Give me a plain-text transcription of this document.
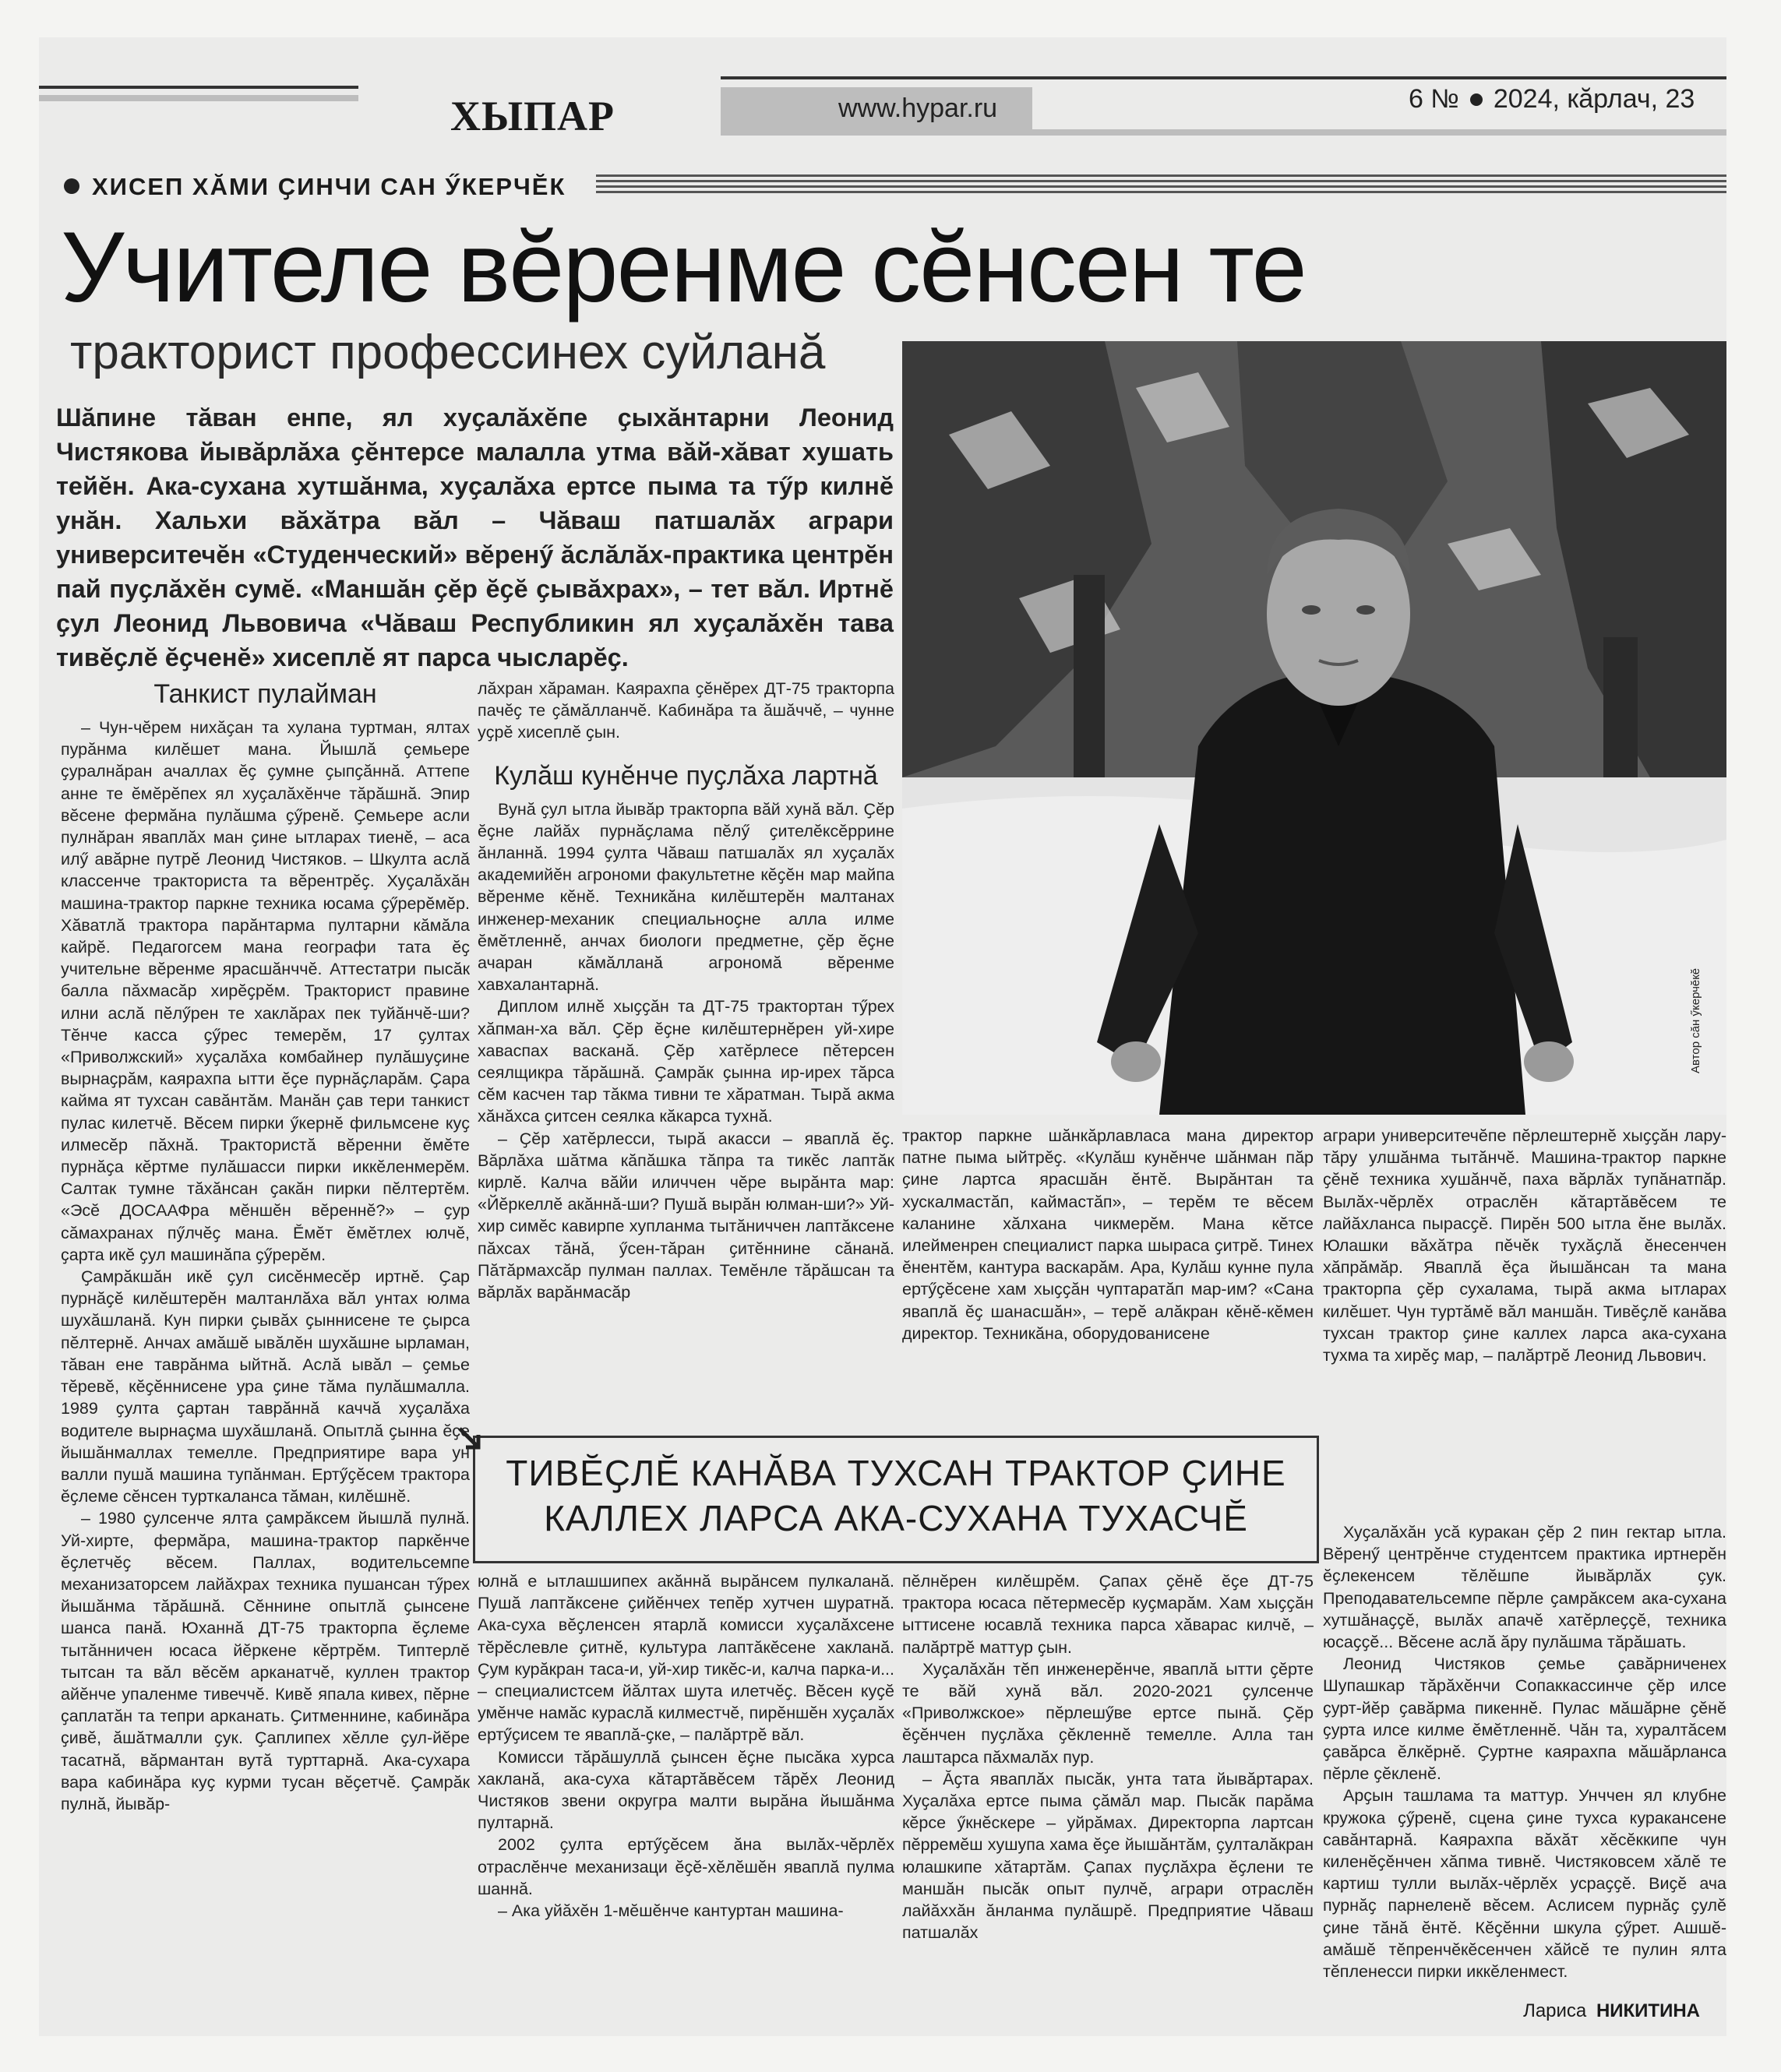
ХЫПАР	www.hypar.ru	6 № 2024, кӑрлач, 23
ХИСЕП ХӐМИ ҪИНЧИ САН ӲКЕРЧӖК
Учителе вӗренме сӗнсен те
тракторист профессинех суйланӑ
Шӑпине тӑван енпе, ял хуҫалӑхӗпе ҫыхӑнтарни Леонид Чистякова йывӑрлӑха ҫӗнтерсе малалла утма вӑй-хӑват хушать тейӗн. Ака-сухана хутшӑнма, хуҫалӑха ертсе пыма та тӳр килнӗ унӑн. Хальхи вӑхӑтра вӑл – Чӑваш патшалӑх аграри университечӗн «Студенческий» вӗренӳ ӑслӑлӑх-практика центрӗн пай пуҫлӑхӗн сумӗ. «Маншӑн ҫӗр ӗҫӗ ҫывӑхрах», – тет вӑл. Иртнӗ ҫул Леонид Львовича «Чӑваш Республикин ял хуҫалӑхӗн тава тивӗҫлӗ ӗҫченӗ» хисеплӗ ят парса чысларӗҫ.
Автор сӑн ӳкерчӗкӗ
Танкист пулайман

– Чун-чӗрем нихӑҫан та хулана туртман, ялтах пурӑнма килӗшет мана. Йышлӑ ҫемьере ҫуралнӑран ачаллах ӗҫ ҫумне ҫыпҫӑннӑ. Аттепе анне те ӗмӗрӗпех ял хуҫалӑхӗнче тӑрӑшнӑ. Эпир вӗсене фермӑна пулӑшма ҫӳренӗ. Ҫемьере асли пулнӑран яваплӑх ман ҫине ытларах тиенӗ, – аса илӳ авӑрне путрӗ Леонид Чистяков. – Шкулта аслӑ классенче тракториста та вӗрентрӗҫ. Хуҫалӑхӑн машина-трактор паркне техника юсама ҫӳрерӗмӗр. Хӑватлӑ трактора парӑнтарма пултарни кӑмӑла кайрӗ. Педагогсем мана географи тата ӗҫ учительне вӗренме ярасшӑнччӗ. Аттестатри пысӑк балла пӑхмасӑр хирӗҫрӗм. Тракторист правине илни аслӑ пӗлӳрен те хаклӑрах пек туйӑнчӗ-ши? Тӗнче касса ҫӳрес темерӗм, 17 ҫултах «Приволжский» хуҫалӑха комбайнер пулӑшуҫине вырнаҫрӑм, каярахпа ытти ӗҫе пурнӑҫларӑм. Ҫара кайма ят тухсан савӑнтӑм. Манӑн ҫав тери танкист пулас килетчӗ. Вӗсем пирки ӳкернӗ фильмсене куҫ илмесӗр пӑхнӑ. Трактористӑ вӗренни ӗмӗте пурнӑҫа кӗртме пулӑшасси пирки иккӗленмерӗм. Салтак тумне тӑхӑнсан ҫакӑн пирки пӗлтертӗм. «Эсӗ ДОСААФра мӗншӗн вӗреннӗ?» – ҫур сӑмахранах пӳлчӗҫ мана. Ӗмӗт ӗмӗтлех юлчӗ, ҫарта икӗ ҫул машинӑпа ҫӳрерӗм.

Ҫамрӑкшӑн икӗ ҫул сисӗнмесӗр иртнӗ. Ҫар пурнӑҫӗ килӗштерӗн малтанлӑха вӑл унтах юлма шухӑшланӑ. Кун пирки ҫывӑх ҫыннисене те ҫырса пӗлтернӗ. Анчах амӑшӗ ывӑлӗн шухӑшне ырламан, тӑван ене таврӑнма ыйтнӑ. Аслӑ ывӑл – ҫемье тӗревӗ, кӗҫӗннисене ура ҫине тӑма пулӑшмалла. 1989 ҫулта ҫартан таврӑннӑ каччӑ хуҫалӑха водителе вырнаҫма шухӑшланӑ. Опытлӑ ҫынна ӗҫе йышӑнмаллах темелле. Предприятире вара ун валли пушӑ машина тупӑнман. Ертӳҫӗсем трактора ӗҫлеме сӗнсен турткаланса тӑман, килӗшнӗ.

– 1980 ҫулсенче ялта ҫамрӑксем йышлӑ пулнӑ. Уй-хирте, фермӑра, машина-трактор паркӗнче ӗҫлетчӗҫ вӗсем. Паллах, водительсемпе механизаторсем лайӑхрах техника пушансан тӳрех йышӑнма тӑрӑшнӑ. Сӗннине опытлӑ ҫынсене шанса панӑ. Юханнӑ ДТ-75 тракторпа ӗҫлеме тытӑнничен юсаса йӗркене кӗртрӗм. Типтерлӗ тытсан та вӑл вӗсӗм арканатчӗ, куллен трактор айӗнче упаленме тивеччӗ. Кивӗ япала кивех, пӗрне ҫаплатӑн та тепри арканать. Ҫитменнине, кабинӑра ҫивӗ, ӑшӑтмалли ҫук. Ҫаплипех хӗлле ҫул-йӗре тасатнӑ, вӑрмантан вутӑ турттарнӑ. Ака-сухара вара кабинӑра куҫ курми тусан вӗҫетчӗ. Ҫамрӑк пулнӑ, йывӑр-

лӑхран хӑраман. Каярахпа ҫӗнӗрех ДТ-75 тракторпа пачӗҫ те ҫӑмӑлланчӗ. Кабинӑра та ӑшӑччӗ, – чунне уҫрӗ хисеплӗ ҫын.

Кулӑш кунӗнче пуҫлӑха лартнӑ

Вунӑ ҫул ытла йывӑр тракторпа вӑй хунӑ вӑл. Ҫӗр ӗҫне лайӑх пурнӑҫлама пӗлӳ ҫителӗксӗррине ӑнланнӑ. 1994 ҫулта Чӑваш патшалӑх ял хуҫалӑх академийӗн агрономи факультетне кӗҫӗн мар майпа вӗренме кӗнӗ. Техникӑна килӗштерӗн малтанах инженер-механик специальноҫне алла илме ӗмӗтленнӗ, анчах биологи предметне, ҫӗр ӗҫне ачаран кӑмӑлланӑ агрономӑ вӗренме хавхалантарнӑ.

Диплом илнӗ хыҫҫӑн та ДТ-75 трактортан тӳрех хӑпман-ха вӑл. Ҫӗр ӗҫне килӗштернӗрен уй-хире хаваспах васканӑ. Ҫӗр хатӗрлесе пӗтерсен сеялщикра тӑрӑшнӑ. Ҫамрӑк ҫынна ир-ирех тӑрса сӗм касчен тар тӑкма тивни те хӑратман. Тырӑ акма хӑнӑхса ҫитсен сеялка кӑкарса тухнӑ.

– Ҫӗр хатӗрлесси, тырӑ акасси – яваплӑ ӗҫ. Вӑрлӑха шӑтма кӑпӑшка тӑпра та тикӗс лаптӑк кирлӗ. Калча вӑйи иличчен чӗре вырӑнта мар: «Йӗркеллӗ акӑннӑ-ши? Пушӑ вырӑн юлман-ши?» Уй-хир симӗс кавирпе хупланма тытӑниччен лаптӑксене пӑхсах тӑнӑ, ӳсен-тӑран ҫитӗннине сӑнанӑ. Пӑтӑрмахсӑр пулман паллах. Темӗнле тӑрӑшсан та вӑрлӑх варӑнмасӑр

трактор паркне шӑнкӑрлавласа мана директор патне пыма ыйтрӗҫ. «Кулӑш кунӗнче шӑнман пӑр ҫине лартса ярасшӑн ӗнтӗ. Вырӑнтан та хускалмастӑп, каймастӑп», – терӗм те вӗсем каланине хӑлхана чикмерӗм. Мана кӗтсе илейменрен специалист парка шыраса ҫитрӗ. Тинех ӗнентӗм, кантура васкарӑм. Ара, Кулӑш кунне пула ертӳҫӗсене хам хыҫҫӑн чуптаратӑп мар-им? «Сана яваплӑ ӗҫ шанасшӑн», – терӗ алӑкран кӗнӗ-кӗмен директор. Техникӑна, оборудованисене

аграри университечӗпе пӗрлештернӗ хыҫҫӑн лару-тӑру улшӑнма тытӑнчӗ. Машина-трактор паркне ҫӗнӗ техника хушӑнчӗ, паха вӑрлӑх тупӑнатпӑр. Вылӑх-чӗрлӗх отраслӗн кӑтартӑвӗсем те лайӑхланса пырасҫӗ. Пирӗн 500 ытла ӗне вылӑх. Юлашки вӑхӑтра пӗчӗк тухӑҫлӑ ӗнесенчен хӑпрӑмӑр. Яваплӑ ӗҫа йышӑнсан та мана тракторпа ҫӗр сухалама, тырӑ акма ытларах килӗшет. Чун туртӑмӗ вӑл маншӑн. Тивӗҫлӗ канӑва тухсан трактор ҫине каллех ларса ака-сухана тухма та хирӗҫ мар, – палӑртрӗ Леонид Львович.

ТИВӖҪЛӖ КАНӐВА ТУХСАН ТРАКТОР ҪИНЕ
КАЛЛЕХ ЛАРСА АКА-СУХАНА ТУХАСЧӖ

юлнӑ е ытлашшипех акӑннӑ вырӑнсем пулкаланӑ. Пушӑ лаптӑксене ҫийӗнчех тепӗр хутчен шуратнӑ. Ака-суха вӗҫленсен ятарлӑ комисси хуҫалӑхсене тӗрӗслевле ҫитнӗ, культура лаптӑкӗсене хакланӑ. Ҫум курӑкран таса-и, уй-хир тикӗс-и, калча парка-и... – специалистсем йӑлтах шута илетчӗҫ. Вӗсен куҫӗ умӗнче намӑс кураслӑ килместчӗ, пирӗншӗн хуҫалӑх ертӳҫисем те яваплӑ-ҫке, – палӑртрӗ вӑл.

Комисси тӑрӑшуллӑ ҫынсен ӗҫне пысӑка хурса хакланӑ, ака-суха кӑтартӑвӗсем тӑрӗх Леонид Чистяков звени округра малти вырӑна йышӑнма пултарнӑ.

2002 ҫулта ертӳҫӗсем ӑна вылӑх-чӗрлӗх отраслӗнче механизаци ӗҫӗ-хӗлӗшӗн яваплӑ пулма шаннӑ.

– Ака уйӑхӗн 1-мӗшӗнче кантуртан машина-

пӗлнӗрен килӗшрӗм. Ҫапах ҫӗнӗ ӗҫе ДТ-75 трактора юсаса пӗтермесӗр куҫмарӑм. Хам хыҫҫӑн ыттисене юсавлӑ техника парса хӑварас килчӗ, – палӑртрӗ маттур ҫын.

Хуҫалӑхӑн тӗп инженерӗнче, яваплӑ ытти ҫӗрте те вӑй хунӑ вӑл. 2020-2021 ҫулсенче «Приволжское» пӗрлешӳве ертсе пынӑ. Ҫӗр ӗҫӗнчен пуҫлӑха ҫӗкленнӗ темелле. Алла тан лаштарса пӑхмалӑх пур.

– Ӑҫта яваплӑх пысӑк, унта тата йывӑртарах. Хуҫалӑха ертсе пыма ҫӑмӑл мар. Пысӑк парӑма кӗрсе ӳкнӗскере – уйрӑмах. Директорпа лартсан пӗрремӗш хушупа хама ӗҫе йышӑнтӑм, ҫулталӑкран юлашкипе хӑтартӑм. Ҫапах пуҫлӑхра ӗҫлени те маншӑн пысӑк опыт пулчӗ, аграри отраслӗн лайӑххӑн ӑнланма пулӑшрӗ. Предприятие Чӑваш патшалӑх

Хуҫалӑхӑн усӑ куракан ҫӗр 2 пин гектар ытла. Вӗренӳ центрӗнче студентсем практика иртнерӗн ӗҫлекенсем тӗлӗшпе йывӑрлӑх ҫук. Преподавательсемпе пӗрле ҫамрӑксем ака-сухана хутшӑнаҫҫӗ, вылӑх апачӗ хатӗрлеҫҫӗ, техника юсаҫҫӗ... Вӗсене аслӑ ӑру пулӑшма тӑрӑшать.

Леонид Чистяков ҫемье ҫавӑрниченех Шупашкар тӑрӑхӗнчи Сопаккассинче ҫӗр илсе ҫурт-йӗр ҫавӑрма пикеннӗ. Пулас мӑшӑрне ҫӗнӗ ҫурта илсе килме ӗмӗтленнӗ. Чӑн та, хуралтӑсем ҫавӑрса ӗлкӗрнӗ. Ҫуртне каярахпа мӑшӑрланса пӗрле ҫӗкленӗ.

Арҫын ташлама та маттур. Унччен ял клубне кружока ҫӳренӗ, сцена ҫине тухса куракансене савӑнтарнӑ. Каярахпа вӑхӑт хӗсӗккипе чун киленӗҫӗнчен хӑпма тивнӗ. Чистяковсем хӑлӗ те картиш тулли вылӑх-чӗрлӗх усраҫҫӗ. Виҫӗ ача пурнӑҫ парнеленӗ вӗсем. Аслисем пурнӑҫ ҫулӗ ҫине тӑнӑ ӗнтӗ. Кӗҫӗнни шкула ҫӳрет. Ашшӗ-амӑшӗ тӗпренчӗкӗсенчен хӑйсӗ те пулин ялта тӗпленесси пирки иккӗленмест.

Лариса НИКИТИНА
